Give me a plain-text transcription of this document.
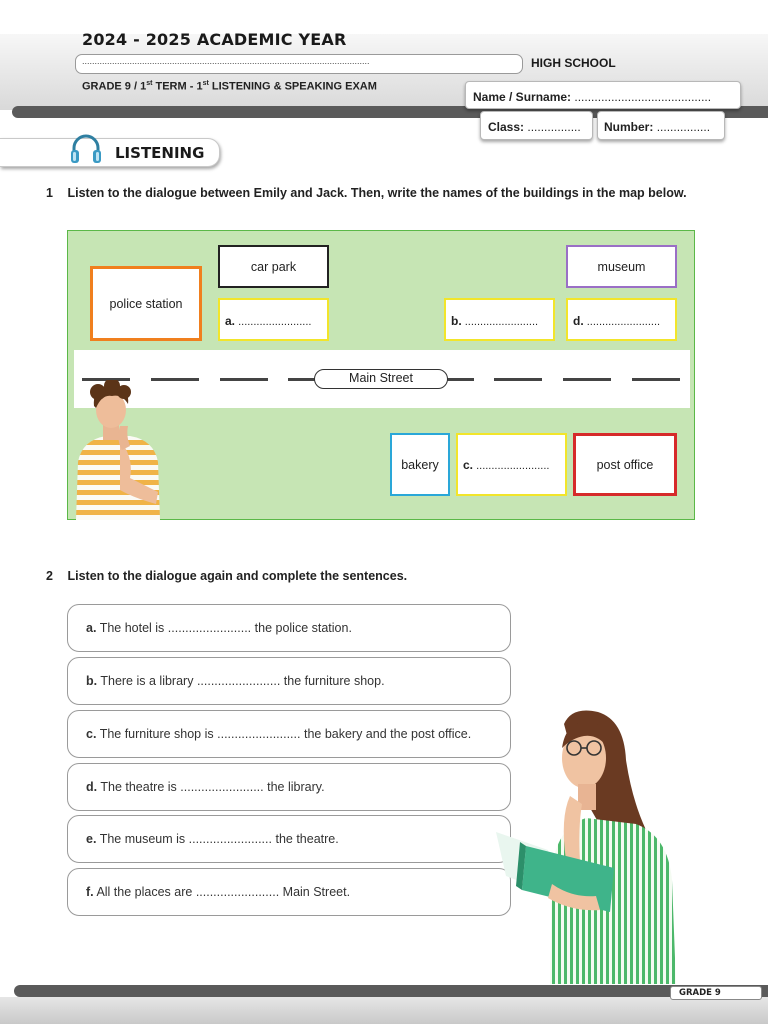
2024 - 2025 ACADEMIC YEAR
...................................................................................................................	HIGH SCHOOL
GRADE 9 / 1st TERM - 1st LISTENING & SPEAKING EXAM
Name / Surname: .........................................
Class: ................	Number: ................
LISTENING
1 Listen to the dialogue between Emily and Jack. Then, write the names of the buildings in the map below.
Main Street
car park	museum
police station
a. ........................	b. ........................	d. ........................
bakery	c. ........................	post office
2 Listen to the dialogue again and complete the sentences.
a. The hotel is ........................ the police station.
b. There is a library ........................ the furniture shop.
c. The furniture shop is ........................ the bakery and the post office.
d. The theatre is ........................ the library.
e. The museum is ........................ the theatre.
f. All the places are ........................ Main Street.
GRADE 9
